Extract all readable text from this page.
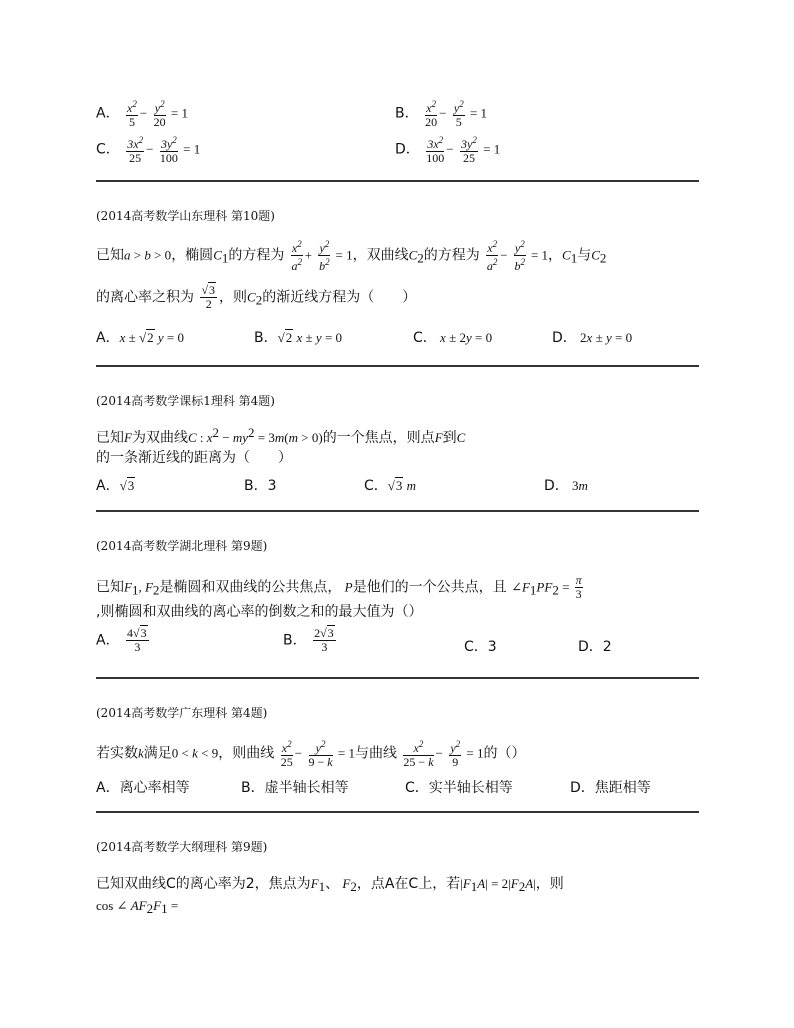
A． $\frac{x^2}{5} - \frac{y^2}{20} = 1$	B． $\frac{x^2}{20} - \frac{y^2}{5} = 1$
C． $\frac{3x^2}{25} - \frac{3y^2}{100} = 1$	D． $\frac{3x^2}{100} - \frac{3y^2}{25} = 1$
(2014高考数学山东理科 第10题)
已知a > b > 0，椭圆$C_1$的方程为 $\frac{x^2}{a^2} + \frac{y^2}{b^2} = 1$，双曲线$C_2$的方程为 $\frac{x^2}{a^2} - \frac{y^2}{b^2} = 1$，$C_1$与$C_2$
的离心率之积为 $\frac{√3}{2}$ ，则$C_2$的渐近线方程为（　　）
A．x ± √2 y = 0	B．√2 x ± y = 0	C． x ± 2y = 0	D． 2x ± y = 0
(2014高考数学课标1理科 第4题)
已知F为双曲线C : $x^2 - my^2 = 3m(m > 0)$的一个焦点，则点F到C
的一条渐近线的距离为（　　）
A．√3	B．3	C．√3 m	D． 3m
(2014高考数学湖北理科 第9题)
已知$F_1$, $F_2$是椭圆和双曲线的公共焦点， P是他们的一个公共点，且 $\angle F_1PF_2 = \frac{\pi}{3}$
,则椭圆和双曲线的离心率的倒数之和的最大值为（）
A． $\frac{4√3}{3}$	B． $\frac{2√3}{3}$	C．3	D．2
(2014高考数学广东理科 第4题)
若实数k满足0 < k < 9，则曲线 $\frac{x^2}{25} - \frac{y^2}{9 - k} = 1$与曲线 $\frac{x^2}{25 - k} - \frac{y^2}{9} = 1$的（）
A．离心率相等	B．虚半轴长相等	C．实半轴长相等	D．焦距相等
(2014高考数学大纲理科 第9题)
已知双曲线C的离心率为2，焦点为$F_1$、 $F_2$，点A在C上，若$|F_1A| = 2|F_2A|$，则
cos ∠ $AF_2F_1$ =
